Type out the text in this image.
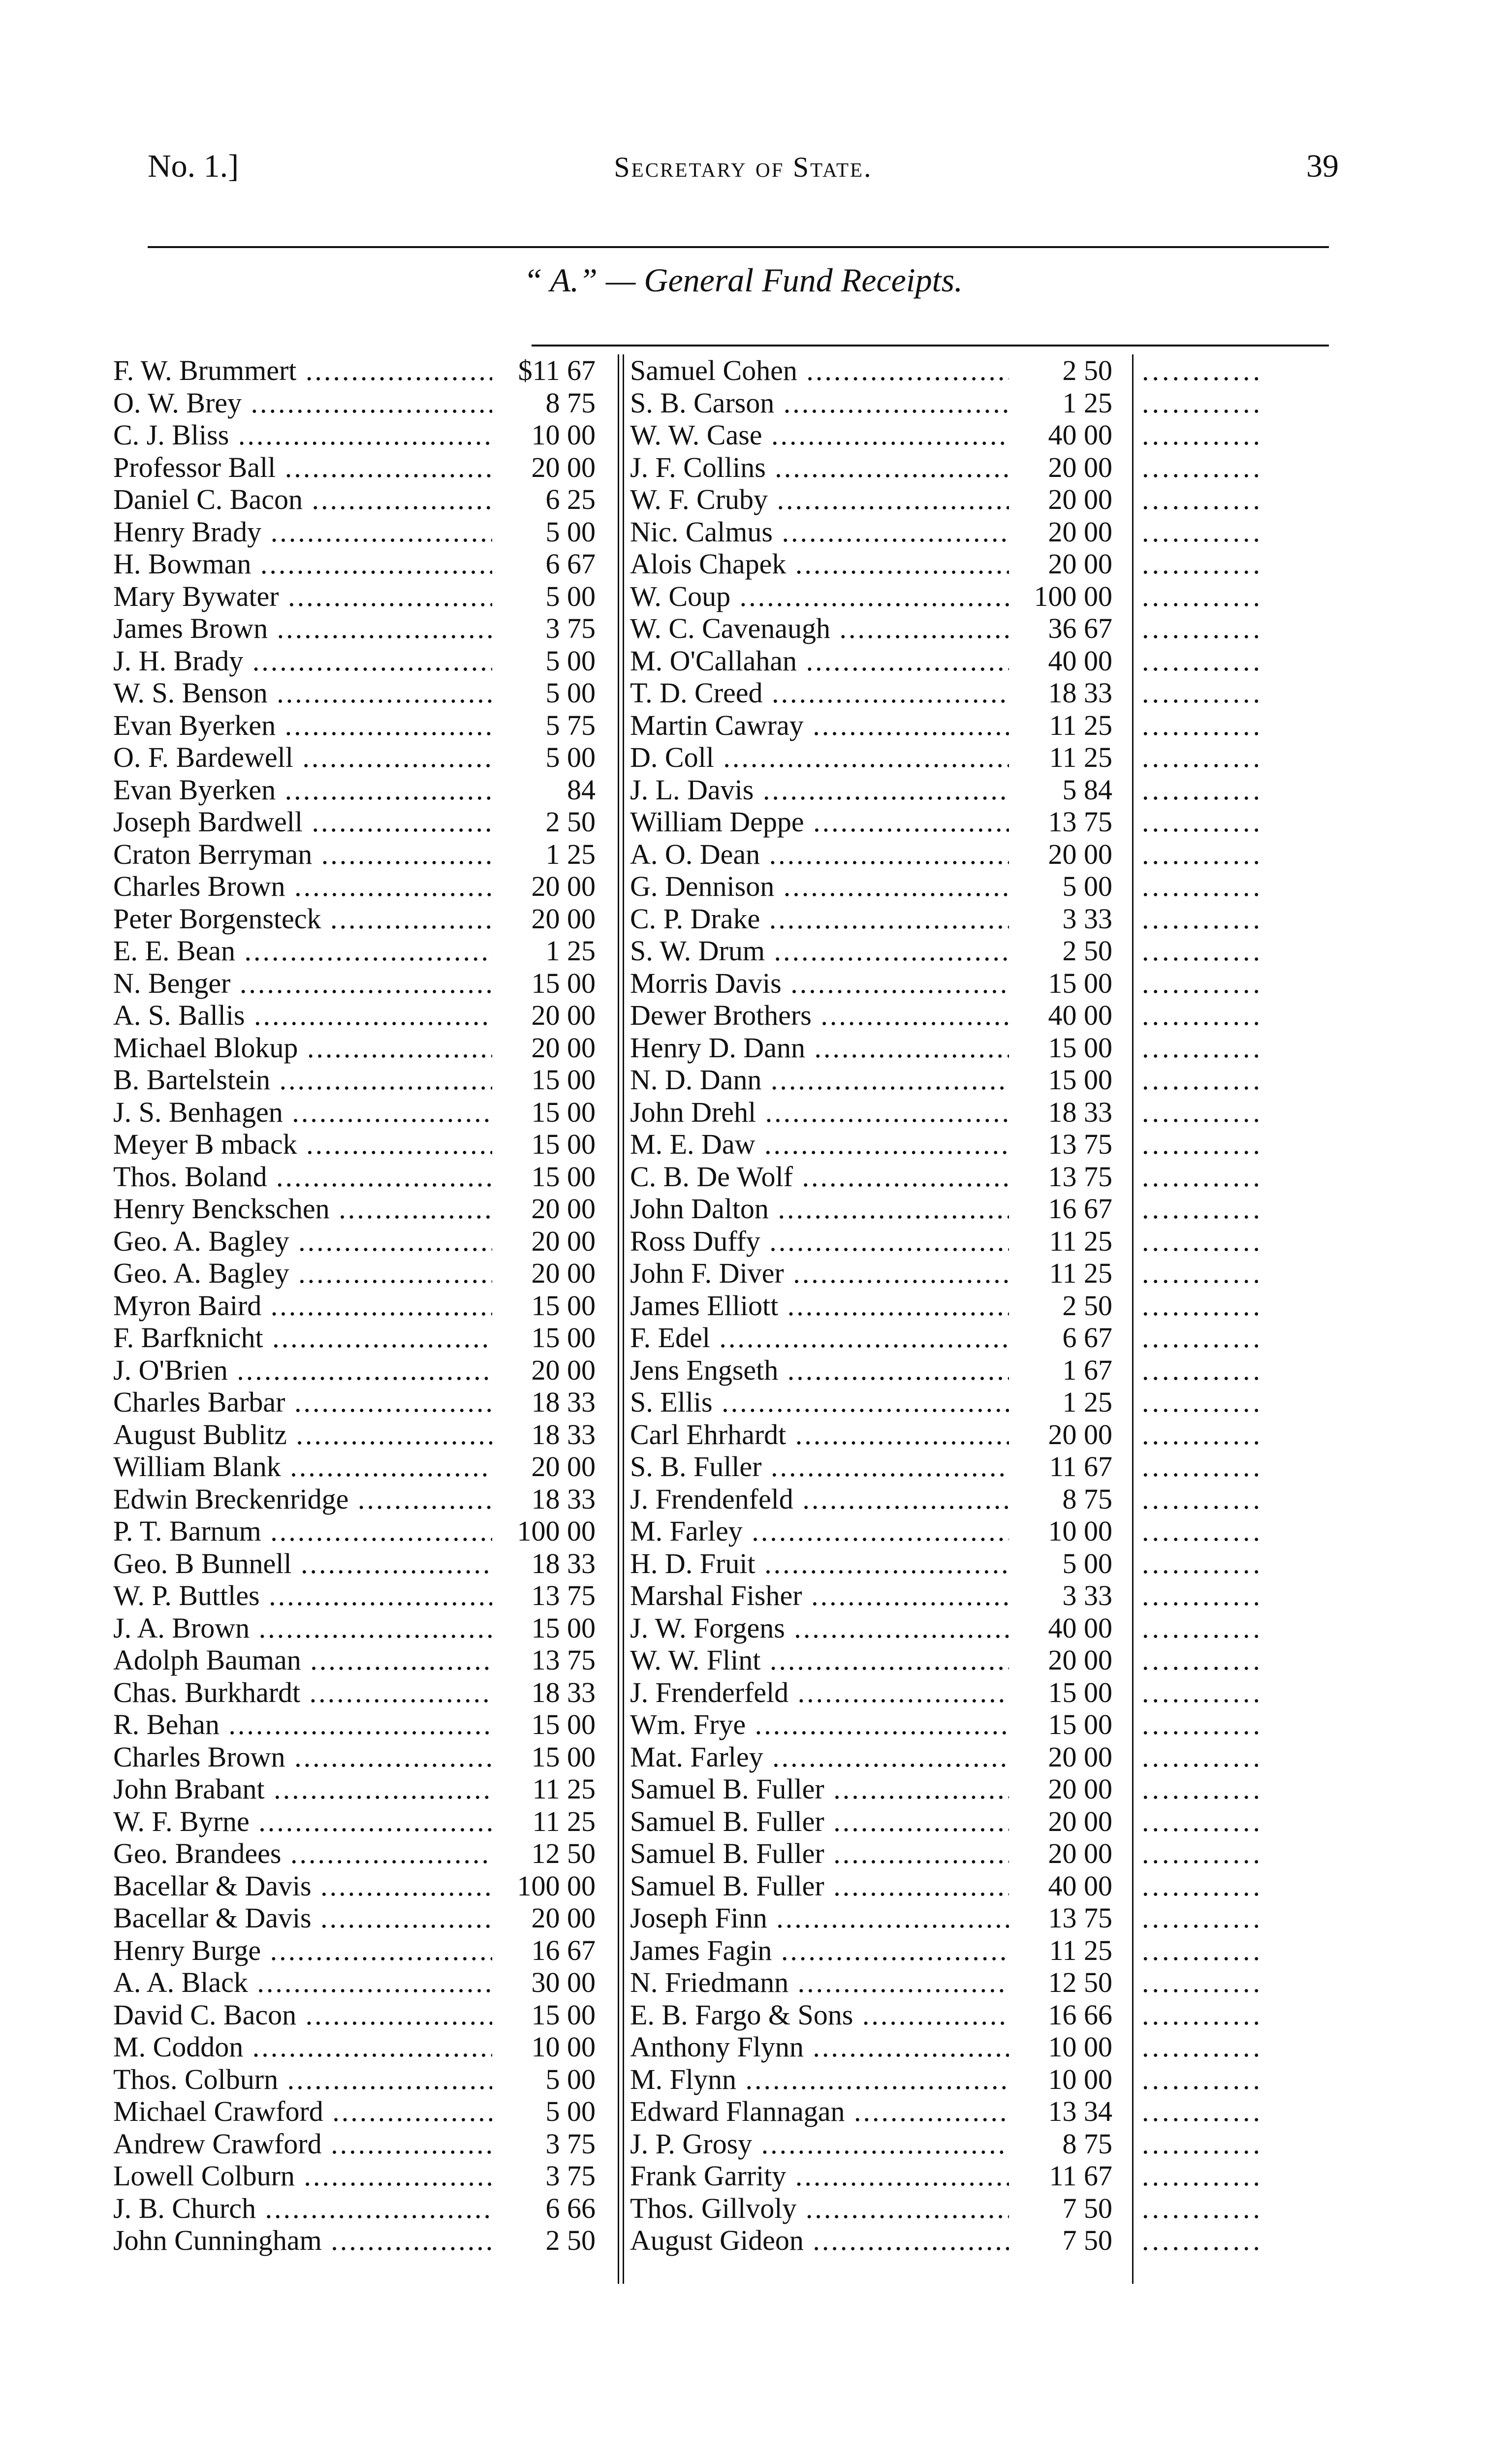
No. 1.]	Secretary of State.	39
“ A.” — General Fund Receipts.
F. W. Brummert .....	$11 67
O. W. Brey .....	8 75
C. J. Bliss .....	10 00
Professor Ball .....	20 00
Daniel C. Bacon .....	6 25
Henry Brady .....	5 00
H. Bowman .....	6 67
Mary Bywater .....	5 00
James Brown .....	3 75
J. H. Brady .....	5 00
W. S. Benson .....	5 00
Evan Byerken .....	5 75
O. F. Bardewell .....	5 00
Evan Byerken .....	84
Joseph Bardwell .....	2 50
Craton Berryman .....	1 25
Charles Brown .....	20 00
Peter Borgensteck .....	20 00
E. E. Bean .....	1 25
N. Benger .....	15 00
A. S. Ballis .....	20 00
Michael Blokup .....	20 00
B. Bartelstein .....	15 00
J. S. Benhagen .....	15 00
Meyer B mback .....	15 00
Thos. Boland .....	15 00
Henry Benckschen .....	20 00
Geo. A. Bagley .....	20 00
Geo. A. Bagley .....	20 00
Myron Baird .....	15 00
F. Barfknicht .....	15 00
J. O'Brien .....	20 00
Charles Barbar .....	18 33
August Bublitz .....	18 33
William Blank .....	20 00
Edwin Breckenridge .....	18 33
P. T. Barnum .....	100 00
Geo. B Bunnell .....	18 33
W. P. Buttles .....	13 75
J. A. Brown .....	15 00
Adolph Bauman .....	13 75
Chas. Burkhardt .....	18 33
R. Behan .....	15 00
Charles Brown .....	15 00
John Brabant .....	11 25
W. F. Byrne .....	11 25
Geo. Brandees .....	12 50
Bacellar & Davis .....	100 00
Bacellar & Davis .....	20 00
Henry Burge .....	16 67
A. A. Black .....	30 00
David C. Bacon .....	15 00
M. Coddon .....	10 00
Thos. Colburn .....	5 00
Michael Crawford .....	5 00
Andrew Crawford .....	3 75
Lowell Colburn .....	3 75
J. B. Church .....	6 66
John Cunningham .....	2 50
Samuel Cohen .....	2 50
S. B. Carson .....	1 25
W. W. Case .....	40 00
J. F. Collins .....	20 00
W. F. Cruby .....	20 00
Nic. Calmus .....	20 00
Alois Chapek .....	20 00
W. Coup .....	100 00
W. C. Cavenaugh .....	36 67
M. O'Callahan .....	40 00
T. D. Creed .....	18 33
Martin Cawray .....	11 25
D. Coll .....	11 25
J. L. Davis .....	5 84
William Deppe .....	13 75
A. O. Dean .....	20 00
G. Dennison .....	5 00
C. P. Drake .....	3 33
S. W. Drum .....	2 50
Morris Davis .....	15 00
Dewer Brothers .....	40 00
Henry D. Dann .....	15 00
N. D. Dann .....	15 00
John Drehl .....	18 33
M. E. Daw .....	13 75
C. B. De Wolf .....	13 75
John Dalton .....	16 67
Ross Duffy .....	11 25
John F. Diver .....	11 25
James Elliott .....	2 50
F. Edel .....	6 67
Jens Engseth .....	1 67
S. Ellis .....	1 25
Carl Ehrhardt .....	20 00
S. B. Fuller .....	11 67
J. Frendenfeld .....	8 75
M. Farley .....	10 00
H. D. Fruit .....	5 00
Marshal Fisher .....	3 33
J. W. Forgens .....	40 00
W. W. Flint .....	20 00
J. Frenderfeld .....	15 00
Wm. Frye .....	15 00
Mat. Farley .....	20 00
Samuel B. Fuller .....	20 00
Samuel B. Fuller .....	20 00
Samuel B. Fuller .....	20 00
Samuel B. Fuller .....	40 00
Joseph Finn .....	13 75
James Fagin .....	11 25
N. Friedmann .....	12 50
E. B. Fargo & Sons .....	16 66
Anthony Flynn .....	10 00
M. Flynn .....	10 00
Edward Flannagan .....	13 34
J. P. Grosy .....	8 75
Frank Garrity .....	11 67
Thos. Gillvoly .....	7 50
August Gideon .....	7 50
............
............
............
............
............
............
............
............
............
............
............
............
............
............
............
............
............
............
............
............
............
............
............
............
............
............
............
............
............
............
............
............
............
............
............
............
............
............
............
............
............
............
............
............
............
............
............
............
............
............
............
............
............
............
............
............
............
............
............
